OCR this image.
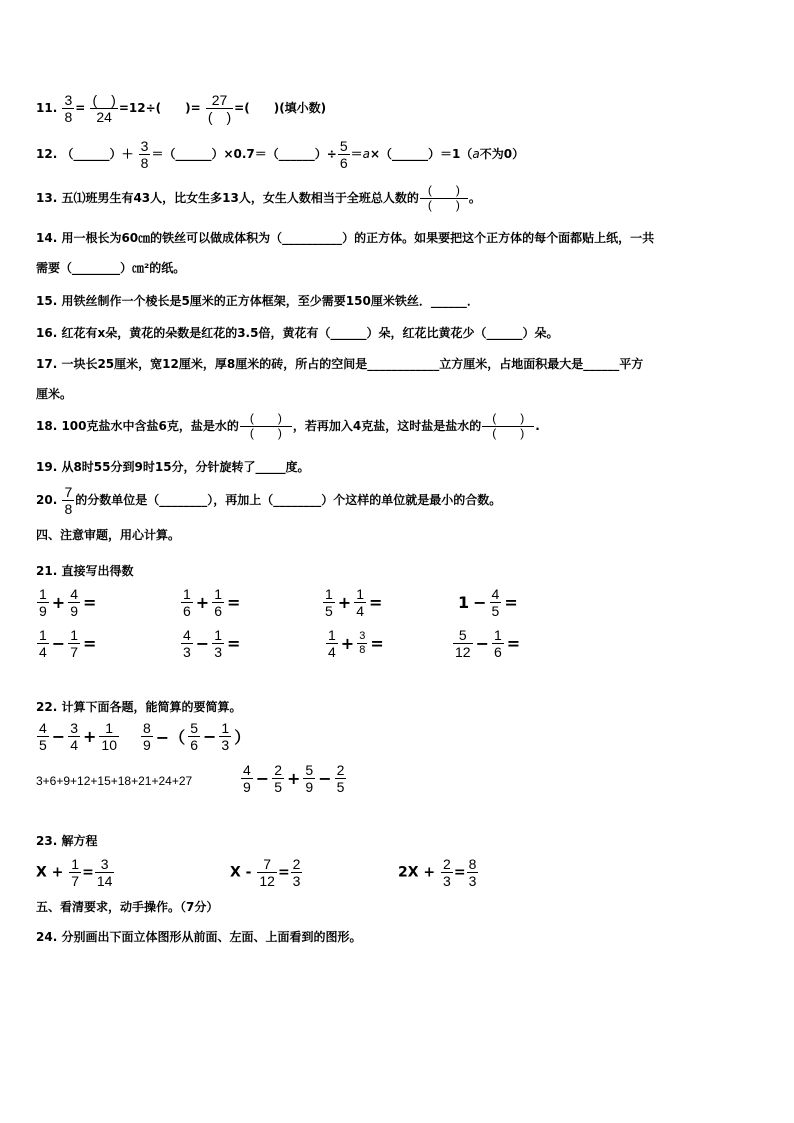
11. $\frac{3}{8}$ =
(　)
24
=12÷(　　)=
27
(　)
=(　　)(填小数)
12. （______）＋ $\frac{3}{8}$ ＝（______）×0.7＝（______）÷ $\frac{5}{6}$ ＝a×（______）＝1（a不为0）
13. 五⑴班男生有43人，比女生多13人，女生人数相当于全班总人数的
(　　)
(　　) 。
14. 用一根长为60㎝的铁丝可以做成体积为（__________）的正方体。如果要把这个正方体的每个面都贴上纸，一共
需要（________）㎝²的纸。
15. 用铁丝制作一个棱长是5厘米的正方体框架，至少需要150厘米铁丝．______．
16. 红花有x朵，黄花的朵数是红花的3.5倍，黄花有（______）朵，红花比黄花少（______）朵。
17. 一块长25厘米，宽12厘米，厚8厘米的砖，所占的空间是____________立方厘米，占地面积最大是______平方
厘米。
18. 100克盐水中含盐6克，盐是水的
(　　)
(　　) ，若再加入4克盐，这时盐是盐水的
(　　)
(　　) .
19. 从8时55分到9时15分，分针旋转了_____度。
20. $\frac{7}{8}$ 的分数单位是（________），再加上（________）个这样的单位就是最小的合数。
四、注意审题，用心计算。
21. 直接写出得数
$\frac{1}{9} + \frac{4}{9}$ =	$\frac{1}{6} + \frac{1}{6}$ =	$\frac{1}{5} + \frac{1}{4}$ =	$1 - \frac{4}{5}$ =
$\frac{1}{4} - \frac{1}{7}$ =	$\frac{4}{3} - \frac{1}{3}$ =	$\frac{1}{4} + \frac{3}{8}$ =	$\frac{5}{12} - \frac{1}{6}$ =
22. 计算下面各题，能简算的要简算。
$\frac{4}{5} - \frac{3}{4} + \frac{1}{10} \frac{8}{9}$ −（ $\frac{5}{6} - \frac{1}{3}$ ）
3+6+9+12+15+18+21+24+27	$\frac{4}{9} - \frac{2}{5} + \frac{5}{9} - \frac{2}{5}$
23. 解方程
$X + \frac{1}{7} = \frac{3}{14}$	$X - \frac{7}{12} = \frac{2}{3}$	$2X + \frac{2}{3} = \frac{8}{3}$
五、看清要求，动手操作。（7分）
24. 分别画出下面立体图形从前面、左面、上面看到的图形。
